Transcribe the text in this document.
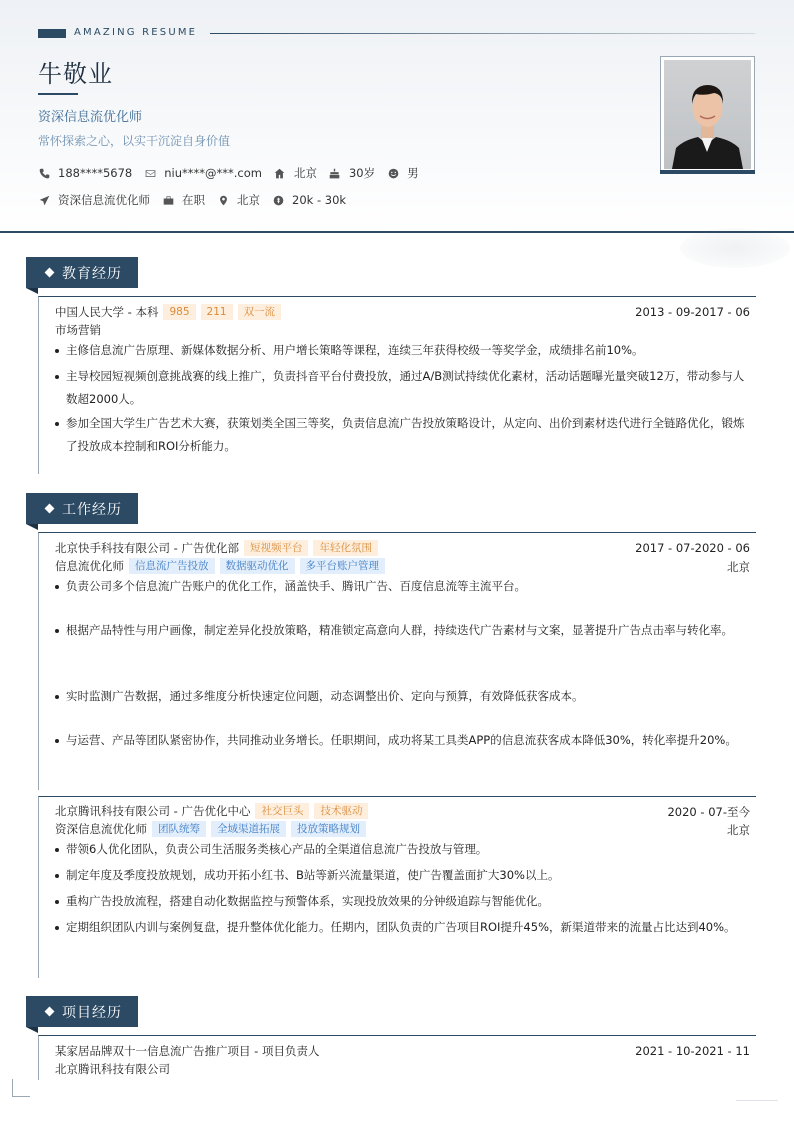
AMAZING RESUME
牛敬业
资深信息流优化师
常怀探索之心，以实干沉淀自身价值
188****5678	niu****@***.com	北京	30岁	男
资深信息流优化师	在职	北京	20k - 30k
教育经历
中国人民大学 - 本科	985	211	双一流	2013 - 09-2017 - 06
市场营销
主修信息流广告原理、新媒体数据分析、用户增长策略等课程，连续三年获得校级一等奖学金，成绩排名前10%。
主导校园短视频创意挑战赛的线上推广，负责抖音平台付费投放，通过A/B测试持续优化素材，活动话题曝光量突破12万，带动参与人数超2000人。
参加全国大学生广告艺术大赛，获策划类全国三等奖，负责信息流广告投放策略设计，从定向、出价到素材迭代进行全链路优化，锻炼了投放成本控制和ROI分析能力。
工作经历
北京快手科技有限公司 - 广告优化部	短视频平台	年轻化氛围	2017 - 07-2020 - 06
信息流优化师	信息流广告投放	数据驱动优化	多平台账户管理	北京
负责公司多个信息流广告账户的优化工作，涵盖快手、腾讯广告、百度信息流等主流平台。
根据产品特性与用户画像，制定差异化投放策略，精准锁定高意向人群，持续迭代广告素材与文案，显著提升广告点击率与转化率。
实时监测广告数据，通过多维度分析快速定位问题，动态调整出价、定向与预算，有效降低获客成本。
与运营、产品等团队紧密协作，共同推动业务增长。任职期间，成功将某工具类APP的信息流获客成本降低30%，转化率提升20%。
北京腾讯科技有限公司 - 广告优化中心	社交巨头	技术驱动	2020 - 07-至今
资深信息流优化师	团队统筹	全域渠道拓展	投放策略规划	北京
带领6人优化团队，负责公司生活服务类核心产品的全渠道信息流广告投放与管理。
制定年度及季度投放规划，成功开拓小红书、B站等新兴流量渠道，使广告覆盖面扩大30%以上。
重构广告投放流程，搭建自动化数据监控与预警体系，实现投放效果的分钟级追踪与智能优化。
定期组织团队内训与案例复盘，提升整体优化能力。任期内，团队负责的广告项目ROI提升45%，新渠道带来的流量占比达到40%。
项目经历
某家居品牌双十一信息流广告推广项目 - 项目负责人	2021 - 10-2021 - 11
北京腾讯科技有限公司
